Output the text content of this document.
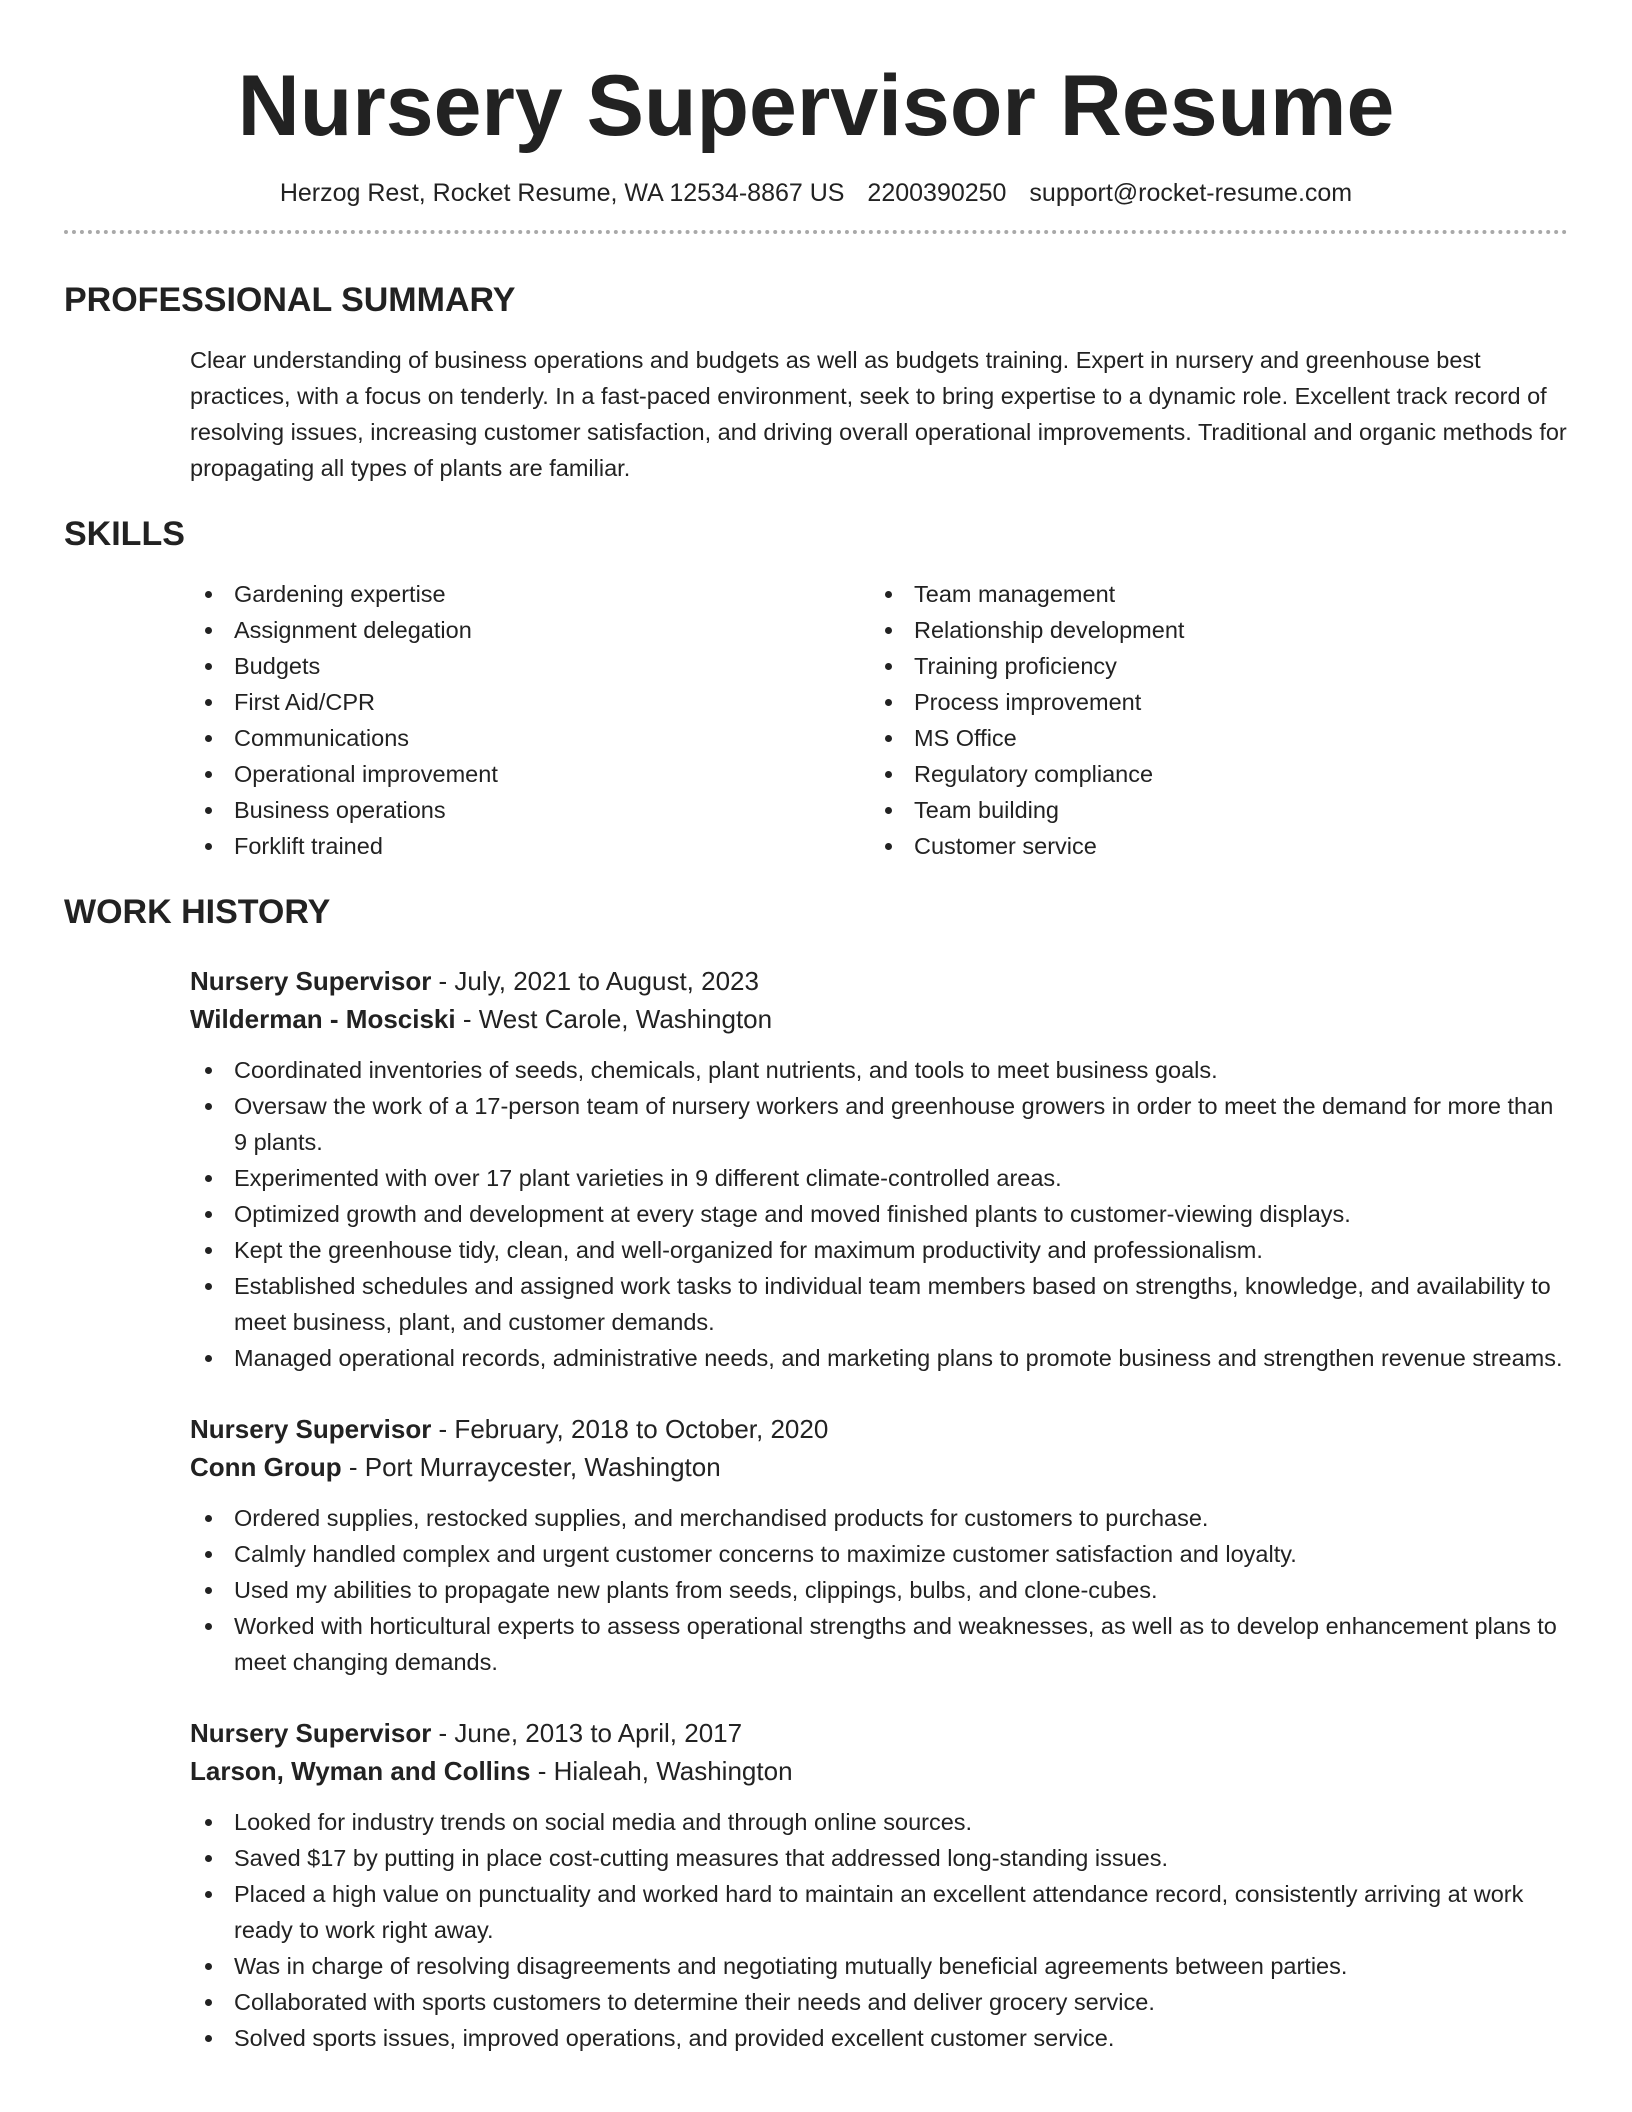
Nursery Supervisor Resume
Herzog Rest, Rocket Resume, WA 12534-8867 US 2200390250 support@rocket-resume.com
PROFESSIONAL SUMMARY

Clear understanding of business operations and budgets as well as budgets training. Expert in nursery and greenhouse best practices, with a focus on tenderly. In a fast-paced environment, seek to bring expertise to a dynamic role. Excellent track record of resolving issues, increasing customer satisfaction, and driving overall operational improvements. Traditional and organic methods for propagating all types of plants are familiar.

SKILLS
Gardening expertise
Assignment delegation
Budgets
First Aid/CPR
Communications
Operational improvement
Business operations
Forklift trained
Team management
Relationship development
Training proficiency
Process improvement
MS Office
Regulatory compliance
Team building
Customer service
WORK HISTORY
Nursery Supervisor - July, 2021 to August, 2023
Wilderman - Mosciski - West Carole, Washington
Coordinated inventories of seeds, chemicals, plant nutrients, and tools to meet business goals.
Oversaw the work of a 17-person team of nursery workers and greenhouse growers in order to meet the demand for more than 9 plants.
Experimented with over 17 plant varieties in 9 different climate-controlled areas.
Optimized growth and development at every stage and moved finished plants to customer-viewing displays.
Kept the greenhouse tidy, clean, and well-organized for maximum productivity and professionalism.
Established schedules and assigned work tasks to individual team members based on strengths, knowledge, and availability to meet business, plant, and customer demands.
Managed operational records, administrative needs, and marketing plans to promote business and strengthen revenue streams.
Nursery Supervisor - February, 2018 to October, 2020
Conn Group - Port Murraycester, Washington
Ordered supplies, restocked supplies, and merchandised products for customers to purchase.
Calmly handled complex and urgent customer concerns to maximize customer satisfaction and loyalty.
Used my abilities to propagate new plants from seeds, clippings, bulbs, and clone-cubes.
Worked with horticultural experts to assess operational strengths and weaknesses, as well as to develop enhancement plans to meet changing demands.
Nursery Supervisor - June, 2013 to April, 2017
Larson, Wyman and Collins - Hialeah, Washington
Looked for industry trends on social media and through online sources.
Saved $17 by putting in place cost-cutting measures that addressed long-standing issues.
Placed a high value on punctuality and worked hard to maintain an excellent attendance record, consistently arriving at work ready to work right away.
Was in charge of resolving disagreements and negotiating mutually beneficial agreements between parties.
Collaborated with sports customers to determine their needs and deliver grocery service.
Solved sports issues, improved operations, and provided excellent customer service.
